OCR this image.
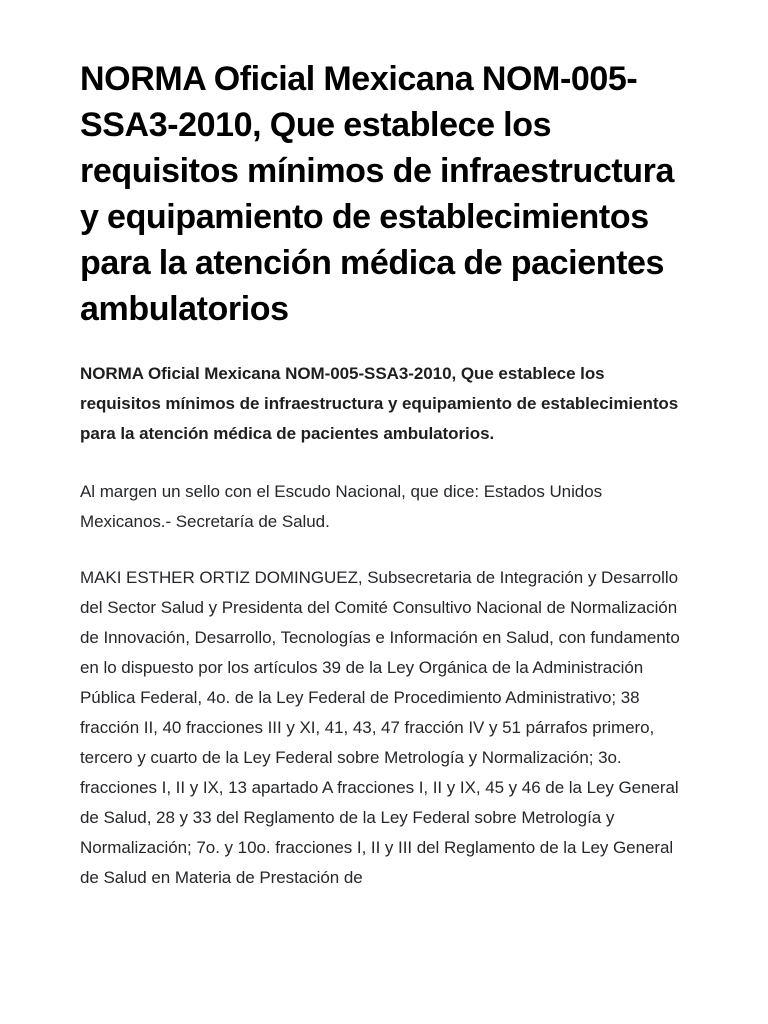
NORMA Oficial Mexicana NOM-005-SSA3-2010, Que establece los requisitos mínimos de infraestructura y equipamiento de establecimientos para la atención médica de pacientes ambulatorios

NORMA Oficial Mexicana NOM-005-SSA3-2010, Que establece los requisitos mínimos de infraestructura y equipamiento de establecimientos para la atención médica de pacientes ambulatorios.

Al margen un sello con el Escudo Nacional, que dice: Estados Unidos Mexicanos.- Secretaría de Salud.

MAKI ESTHER ORTIZ DOMINGUEZ, Subsecretaria de Integración y Desarrollo del Sector Salud y Presidenta del Comité Consultivo Nacional de Normalización de Innovación, Desarrollo, Tecnologías e Información en Salud, con fundamento en lo dispuesto por los artículos 39 de la Ley Orgánica de la Administración Pública Federal, 4o. de la Ley Federal de Procedimiento Administrativo; 38 fracción II, 40 fracciones III y XI, 41, 43, 47 fracción IV y 51 párrafos primero, tercero y cuarto de la Ley Federal sobre Metrología y Normalización; 3o. fracciones I, II y IX, 13 apartado A fracciones I, II y IX, 45 y 46 de la Ley General de Salud, 28 y 33 del Reglamento de la Ley Federal sobre Metrología y Normalización; 7o. y 10o. fracciones I, II y III del Reglamento de la Ley General de Salud en Materia de Prestación de
